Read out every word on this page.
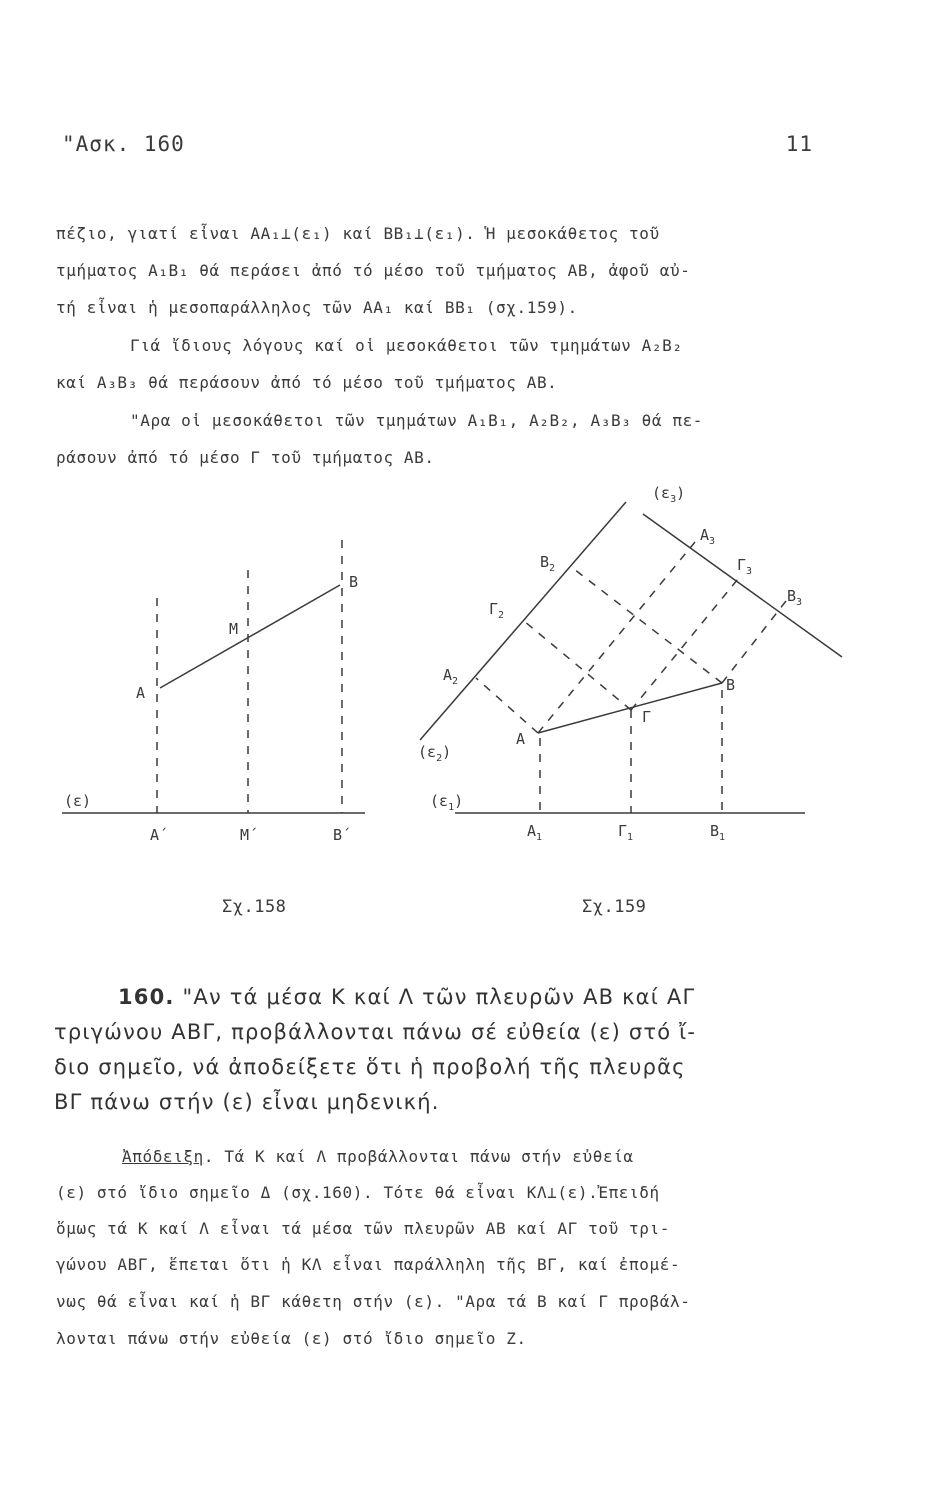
"Ασκ. 160	11
πέζιο, γιατί εἶναι AA₁⊥(ε₁) καί BB₁⊥(ε₁). Ἡ μεσοκάθετος τοῦ
τμήματος A₁B₁ θά περάσει ἀπό τό μέσο τοῦ τμήματος AB, ἀφοῦ αὐ-
τή εἶναι ἡ μεσοπαράλληλος τῶν AA₁ καί BB₁ (σχ.159).
Γιά ἴδιους λόγους καί οἱ μεσοκάθετοι τῶν τμημάτων A₂B₂
καί A₃B₃ θά περάσουν ἀπό τό μέσο τοῦ τμήματος AB.
"Αρα οἱ μεσοκάθετοι τῶν τμημάτων A₁B₁, A₂B₂, A₃B₃ θά πε-
ράσουν ἀπό τό μέσο Γ τοῦ τμήματος AB.
A
B
M
A΄	M΄	B΄
(ε)
A
B
Γ
$A_1$	$\Gamma_1$	$B_1$
$A_2$
$B_2$
$\Gamma_2$
$A_3$
$\Gamma_3$
$B_3$
$(\varepsilon_1)$
$(\varepsilon_2)$
$(\varepsilon_3)$
Σχ.158	Σχ.159
160. "Αν τά μέσα K καί Λ τῶν πλευρῶν AB καί AΓ
τριγώνου ABΓ, προβάλλονται πάνω σέ εὐθεία (ε) στό ἴ-
διο σημεῖο, νά ἀποδείξετε ὅτι ἡ προβολή τῆς πλευρᾶς
BΓ πάνω στήν (ε) εἶναι μηδενική.
Ἀπόδειξη. Τά K καί Λ προβάλλονται πάνω στήν εὐθεία
(ε) στό ἴδιο σημεῖο Δ (σχ.160). Τότε θά εἶναι KΛ⊥(ε).Ἐπειδή
ὅμως τά K καί Λ εἶναι τά μέσα τῶν πλευρῶν AB καί AΓ τοῦ τρι-
γώνου ABΓ, ἕπεται ὅτι ἡ KΛ εἶναι παράλληλη τῆς BΓ, καί ἐπομέ-
νως θά εἶναι καί ἡ BΓ κάθετη στήν (ε). "Αρα τά B καί Γ προβάλ-
λονται πάνω στήν εὐθεία (ε) στό ἴδιο σημεῖο Z.
